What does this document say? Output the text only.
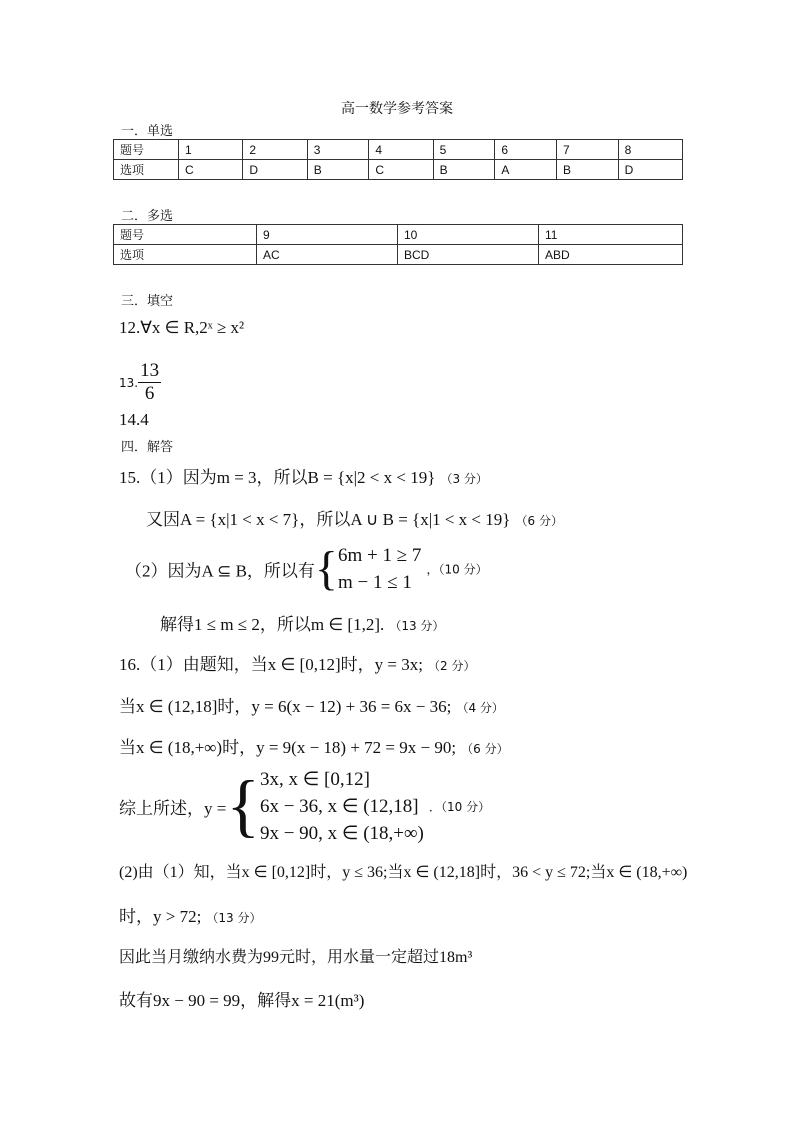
高一数学参考答案
一．单选
题号	1	2	3	4	5	6	7	8
选项	C	D	B	C	B	A	B	D
二．多选
题号	9	10	11
选项	AC	BCD	ABD
三．填空
12.∀x ∈ R,2ˣ ≥ x²
13. $\frac{13}{6}$
14.4
四．解答
15.（1）因为m = 3，所以B = {x|2 < x < 19} （3 分）
又因A = {x|1 < x < 7}，所以A ∪ B = {x|1 < x < 19} （6 分）
（2）因为A ⊆ B，所以有{ 6m + 1 ≥ 7
m − 1 ≤ 1
，（10 分）
解得1 ≤ m ≤ 2，所以m ∈ [1,2]. （13 分）
16.（1）由题知，当x ∈ [0,12]时，y = 3x; （2 分）
当x ∈ (12,18]时，y = 6(x − 12) + 36 = 6x − 36; （4 分）
当x ∈ (18,+∞)时，y = 9(x − 18) + 72 = 9x − 90; （6 分）
综上所述，y ={ 3x, x ∈ [0,12]
6x − 36, x ∈ (12,18]
9x − 90, x ∈ (18,+∞)
．（10 分）
(2)由（1）知，当x ∈ [0,12]时，y ≤ 36;当x ∈ (12,18]时，36 < y ≤ 72;当x ∈ (18,+∞)
时，y > 72; （13 分）
因此当月缴纳水费为99元时，用水量一定超过18m³
故有9x − 90 = 99，解得x = 21(m³)
